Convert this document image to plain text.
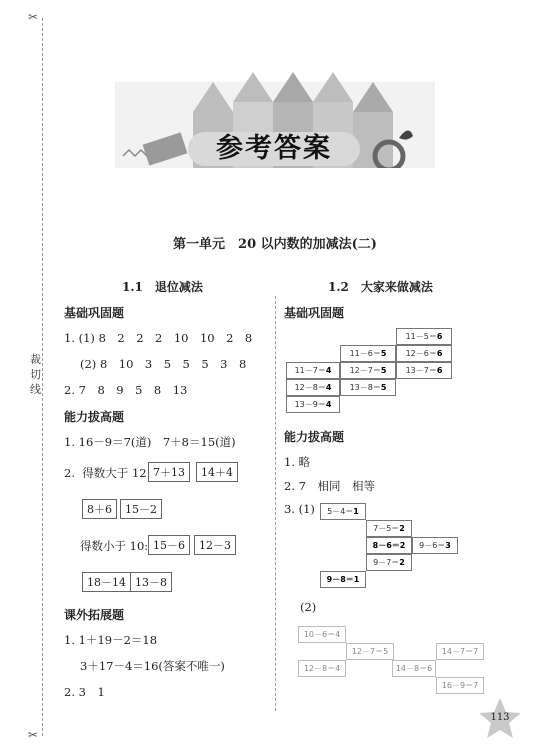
✂
裁
切
线
✂
参考答案
第一单元　20 以内数的加减法(二)
1.1　退位减法
基础巩固题
1. (1) 8　2　2　2　10　10　2　8
(2) 8　10　3　5　5　5　3　8
2. 7　8　9　5　8　13
能力拔高题
1. 16－9＝7(道)　7＋8＝15(道)
2.  得数大于 12: 7＋13	14＋4
8＋6	15－2
得数小于 10: 15－6	12－3
18－14 13－8
课外拓展题
1. 1＋19－2＝18
3＋17－4＝16(答案不唯一)
2. 3　1
1.2　大家来做减法
基础巩固题
11－5＝6
11－6＝5	12－6＝6
11－7＝4	12－7＝5	13－7＝6
12－8＝4	13－8＝5
13－9＝4
能力拔高题
1. 略
2. 7　相同　相等
3. (1)	5－4＝1
7－5＝2
8－6＝2	9－6＝3
9－7＝2
9－8＝1
(2)
10－6＝4
12－7＝5	14－7＝7
12－8＝4	14－8＝6
16－9＝7
113
